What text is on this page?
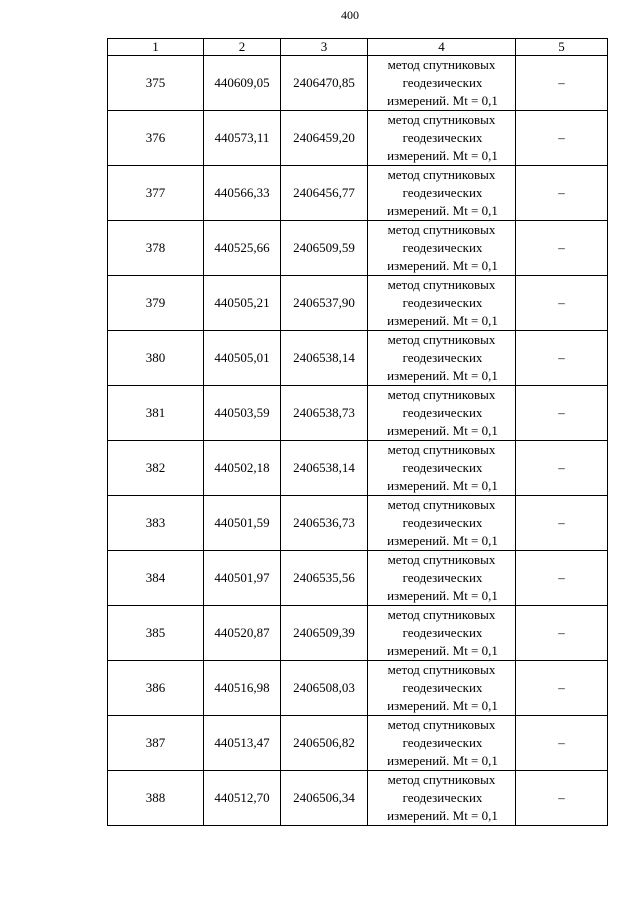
400
1	2	3	4	5
375	440609,05	2406470,85	метод спутниковых
геодезических
измерений. Mt = 0,1	–
376	440573,11	2406459,20	метод спутниковых
геодезических
измерений. Mt = 0,1	–
377	440566,33	2406456,77	метод спутниковых
геодезических
измерений. Mt = 0,1	–
378	440525,66	2406509,59	метод спутниковых
геодезических
измерений. Mt = 0,1	–
379	440505,21	2406537,90	метод спутниковых
геодезических
измерений. Mt = 0,1	–
380	440505,01	2406538,14	метод спутниковых
геодезических
измерений. Mt = 0,1	–
381	440503,59	2406538,73	метод спутниковых
геодезических
измерений. Mt = 0,1	–
382	440502,18	2406538,14	метод спутниковых
геодезических
измерений. Mt = 0,1	–
383	440501,59	2406536,73	метод спутниковых
геодезических
измерений. Mt = 0,1	–
384	440501,97	2406535,56	метод спутниковых
геодезических
измерений. Mt = 0,1	–
385	440520,87	2406509,39	метод спутниковых
геодезических
измерений. Mt = 0,1	–
386	440516,98	2406508,03	метод спутниковых
геодезических
измерений. Mt = 0,1	–
387	440513,47	2406506,82	метод спутниковых
геодезических
измерений. Mt = 0,1	–
388	440512,70	2406506,34	метод спутниковых
геодезических
измерений. Mt = 0,1	–
